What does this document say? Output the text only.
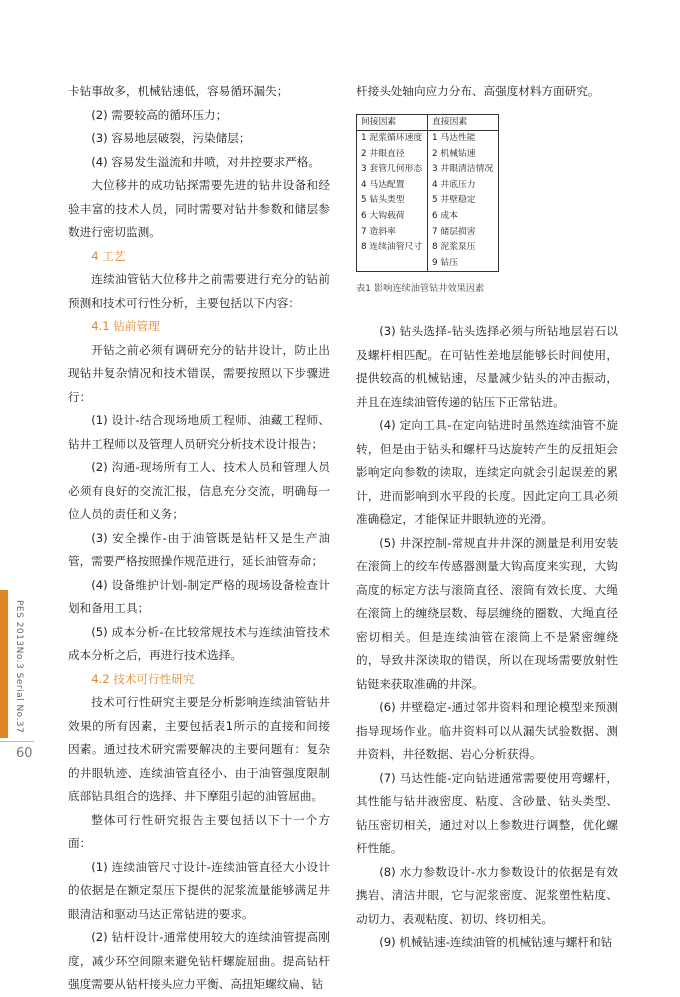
卡钻事故多，机械钻速低，容易循环漏失；

(2) 需要较高的循环压力；

(3) 容易地层破裂，污染储层；

(4) 容易发生溢流和井喷，对井控要求严格。

大位移井的成功钻探需要先进的钻井设备和经验丰富的技术人员，同时需要对钻井参数和储层参数进行密切监测。

4 工艺

连续油管钻大位移井之前需要进行充分的钻前预测和技术可行性分析，主要包括以下内容：

4.1 钻前管理

开钻之前必须有调研充分的钻井设计，防止出现钻井复杂情况和技术错误，需要按照以下步骤进行：

(1) 设计-结合现场地质工程师、油藏工程师、钻井工程师以及管理人员研究分析技术设计报告；

(2) 沟通-现场所有工人、技术人员和管理人员必须有良好的交流汇报，信息充分交流，明确每一位人员的责任和义务；

(3) 安全操作-由于油管既是钻杆又是生产油管，需要严格按照操作规范进行，延长油管寿命；

(4) 设备维护计划-制定严格的现场设备检查计划和备用工具；

(5) 成本分析-在比较常规技术与连续油管技术成本分析之后，再进行技术选择。

4.2 技术可行性研究

技术可行性研究主要是分析影响连续油管钻井效果的所有因素，主要包括表1所示的直接和间接因素。通过技术研究需要解决的主要问题有：复杂的井眼轨迹、连续油管直径小、由于油管强度限制底部钻具组合的选择、井下摩阻引起的油管屈曲。

整体可行性研究报告主要包括以下十一个方面：

(1) 连续油管尺寸设计-连续油管直径大小设计的依据是在额定泵压下提供的泥浆流量能够满足井眼清洁和驱动马达正常钻进的要求。

(2) 钻杆设计-通常使用较大的连续油管提高刚度，减少环空间隙来避免钻杆螺旋屈曲。提高钻杆强度需要从钻杆接头应力平衡、高扭矩螺纹扁、钻

杆接头处轴向应力分布、高强度材料方面研究。

间接因素	直接因素
1 泥浆循环速度	1 马达性能
2 井眼直径	2 机械钻速
3 套管几何形态	3 井眼清洁情况
4 马达配置	4 井底压力
5 钻头类型	5 井壁稳定
6 大钩载荷	6 成本
7 造斜率	7 储层损害
8 连续油管尺寸	8 泥浆泵压
	9 钻压
表1 影响连续油管钻井效果因素

(3) 钻头选择-钻头选择必须与所钻地层岩石以及螺杆相匹配。在可钻性差地层能够长时间使用，提供较高的机械钻速，尽量减少钻头的冲击振动，并且在连续油管传递的钻压下正常钻进。

(4) 定向工具-在定向钻进时虽然连续油管不旋转，但是由于钻头和螺杆马达旋转产生的反扭矩会影响定向参数的读取，连续定向就会引起误差的累计，进而影响到水平段的长度。因此定向工具必须准确稳定，才能保证井眼轨迹的光滑。

(5) 井深控制-常规直井井深的测量是利用安装在滚筒上的绞车传感器测量大钩高度来实现，大钩高度的标定方法与滚筒直径、滚筒有效长度、大绳在滚筒上的缠绕层数、每层缠绕的圈数、大绳直径密切相关。但是连续油管在滚筒上不是紧密缠绕的，导致井深读取的错误，所以在现场需要放射性钻铤来获取准确的井深。

(6) 井壁稳定-通过邻井资料和理论模型来预测指导现场作业。临井资料可以从漏失试验数据、测井资料，井径数据、岩心分析获得。

(7) 马达性能-定向钻进通常需要使用弯螺杆，其性能与钻井液密度、粘度、含砂量、钻头类型、钻压密切相关，通过对以上参数进行调整，优化螺杆性能。

(8) 水力参数设计-水力参数设计的依据是有效携岩、清洁井眼，它与泥浆密度、泥浆塑性粘度、动切力、表观粘度、初切、终切相关。

(9) 机械钻速-连续油管的机械钻速与螺杆和钻

PES 2013No.3 Serial No.37
60
